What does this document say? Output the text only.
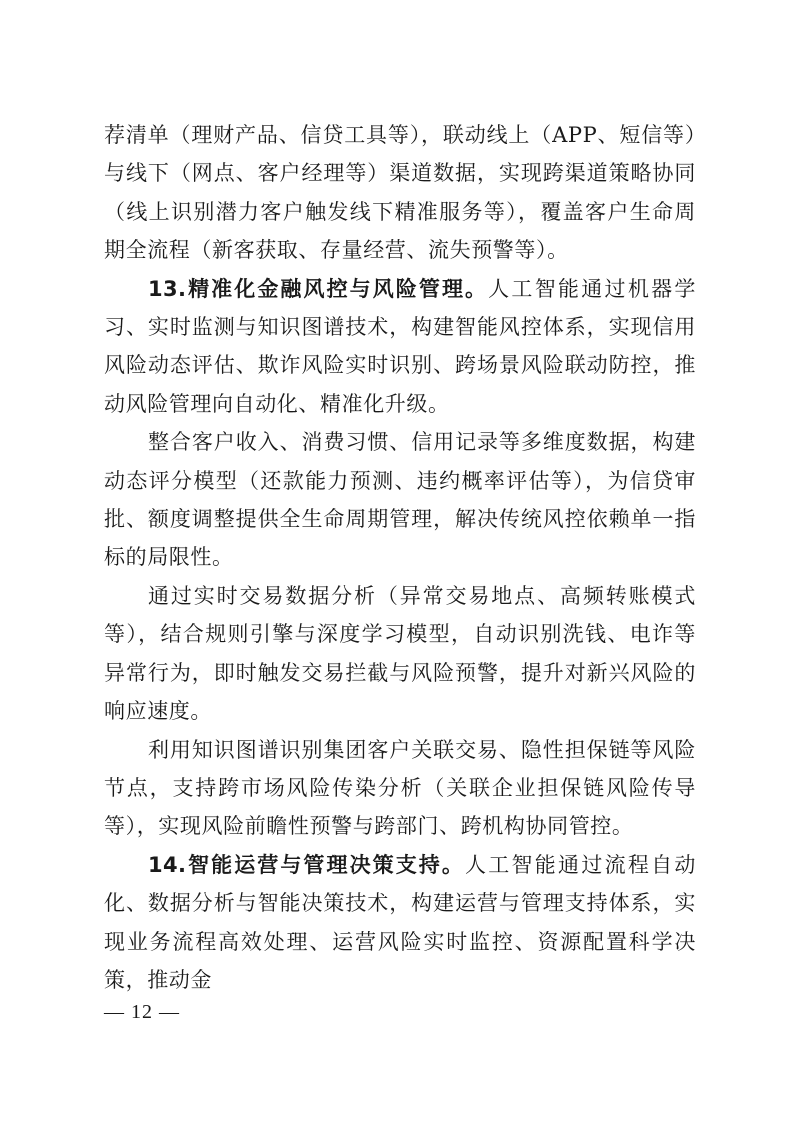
荐清单（理财产品、信贷工具等），联动线上（APP、短信等）与线下（网点、客户经理等）渠道数据，实现跨渠道策略协同（线上识别潜力客户触发线下精准服务等），覆盖客户生命周期全流程（新客获取、存量经营、流失预警等）。

13.精准化金融风控与风险管理。人工智能通过机器学习、实时监测与知识图谱技术，构建智能风控体系，实现信用风险动态评估、欺诈风险实时识别、跨场景风险联动防控，推动风险管理向自动化、精准化升级。

整合客户收入、消费习惯、信用记录等多维度数据，构建动态评分模型（还款能力预测、违约概率评估等），为信贷审批、额度调整提供全生命周期管理，解决传统风控依赖单一指标的局限性。

通过实时交易数据分析（异常交易地点、高频转账模式等），结合规则引擎与深度学习模型，自动识别洗钱、电诈等异常行为，即时触发交易拦截与风险预警，提升对新兴风险的响应速度。

利用知识图谱识别集团客户关联交易、隐性担保链等风险节点，支持跨市场风险传染分析（关联企业担保链风险传导等），实现风险前瞻性预警与跨部门、跨机构协同管控。

14.智能运营与管理决策支持。人工智能通过流程自动化、数据分析与智能决策技术，构建运营与管理支持体系，实现业务流程高效处理、运营风险实时监控、资源配置科学决策，推动金

— 12 —
